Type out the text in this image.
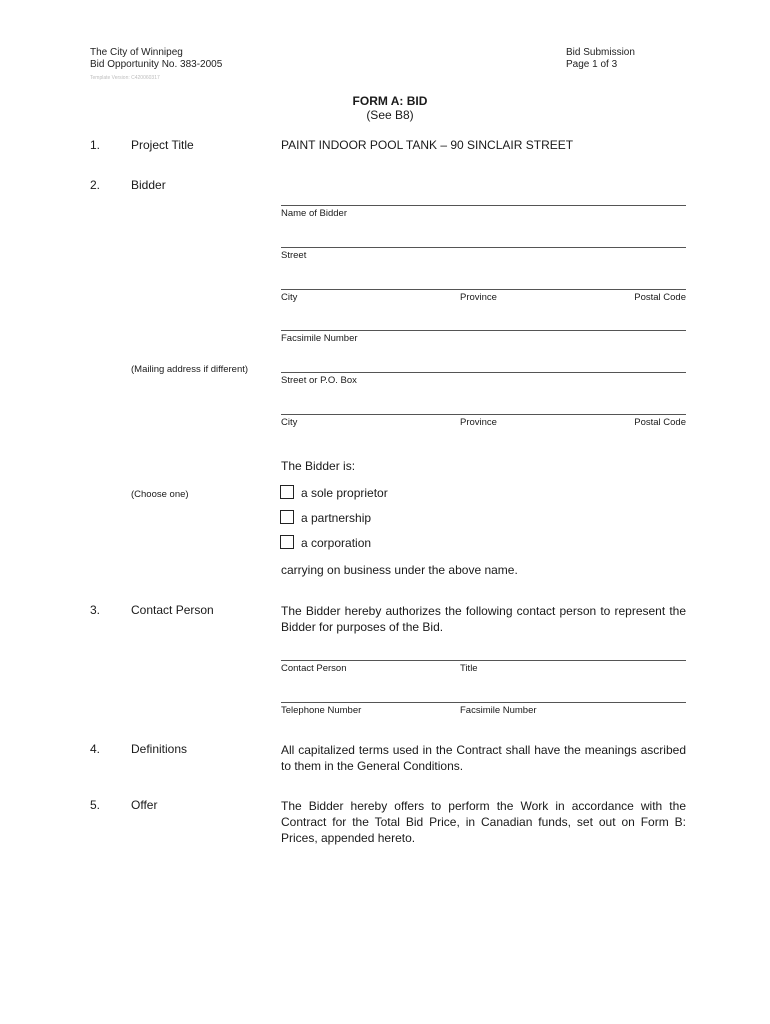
The City of Winnipeg
Bid Opportunity No. 383-2005
Template Version: C420060317
Bid Submission
Page 1 of 3
FORM A: BID
(See B8)
1.	Project Title	PAINT INDOOR POOL TANK – 90 SINCLAIR STREET
2.	Bidder
Name of Bidder
Street
City	Province	Postal Code
Facsimile Number
(Mailing address if different)
Street or P.O. Box
City	Province	Postal Code
The Bidder is:
(Choose one)	a sole proprietor
a partnership
a corporation
carrying on business under the above name.
3.	Contact Person	The Bidder hereby authorizes the following contact person to represent the Bidder for purposes of the Bid.
Contact Person	Title
Telephone Number	Facsimile Number
4.	Definitions	All capitalized terms used in the Contract shall have the meanings ascribed to them in the General Conditions.
5.	Offer	The Bidder hereby offers to perform the Work in accordance with the Contract for the Total Bid Price, in Canadian funds, set out on Form B: Prices, appended hereto.
